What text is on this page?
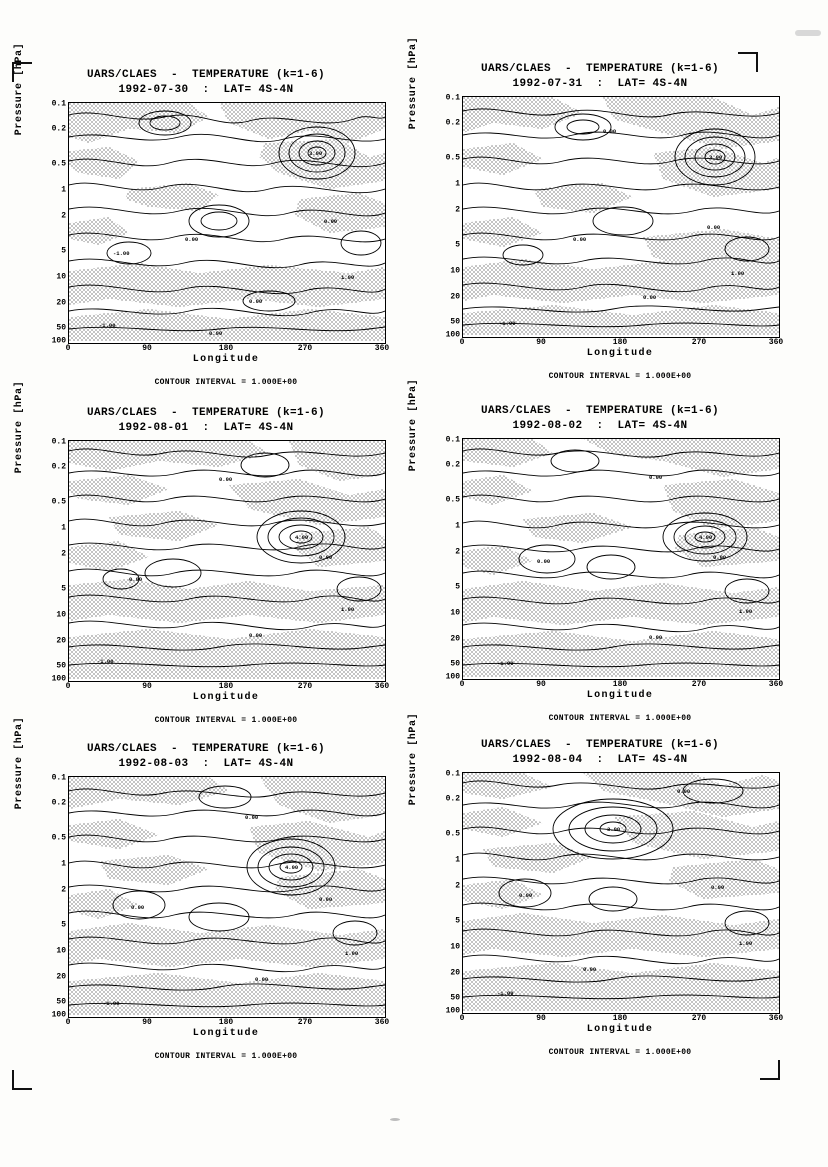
UARS/CLAES  -  TEMPERATURE (k=1-6)
1992-07-30  :  LAT= 4S-4N
Pressure [hPa]	0.1
0.2
0.5
1
2
5
10
20
50
100
0.00
-1.00
3.00
0.00
1.00
-1.00
0.00
0.00
0	90	180	270	360
Longitude
CONTOUR INTERVAL = 1.000E+00
UARS/CLAES  -  TEMPERATURE (k=1-6)
1992-07-31  :  LAT= 4S-4N
Pressure [hPa]	0.1
0.2
0.5
1
2
5
10
20
50
100
0.00
3.00
0.00
1.00
-1.00
0.00
0.00
0	90	180	270	360
Longitude
CONTOUR INTERVAL = 1.000E+00
UARS/CLAES  -  TEMPERATURE (k=1-6)
1992-08-01  :  LAT= 4S-4N
Pressure [hPa]	0.1
0.2
0.5
1
2
5
10
20
50
100
0.00
4.00
0.00
1.00
-1.00
0.00
0.00
0	90	180	270	360
Longitude
CONTOUR INTERVAL = 1.000E+00
UARS/CLAES  -  TEMPERATURE (k=1-6)
1992-08-02  :  LAT= 4S-4N
Pressure [hPa]	0.1
0.2
0.5
1
2
5
10
20
50
100
0.00
4.00
0.00
1.00
-1.00
0.00
0.00
0	90	180	270	360
Longitude
CONTOUR INTERVAL = 1.000E+00
UARS/CLAES  -  TEMPERATURE (k=1-6)
1992-08-03  :  LAT= 4S-4N
Pressure [hPa]	0.1
0.2
0.5
1
2
5
10
20
50
100
0.00
4.00
0.00
1.00
-1.00
0.00
0.00
0	90	180	270	360
Longitude
CONTOUR INTERVAL = 1.000E+00
UARS/CLAES  -  TEMPERATURE (k=1-6)
1992-08-04  :  LAT= 4S-4N
Pressure [hPa]	0.1
0.2
0.5
1
2
5
10
20
50
100
0.00
3.00
0.00
1.00
-1.00
0.00
0.00
0	90	180	270	360
Longitude
CONTOUR INTERVAL = 1.000E+00
